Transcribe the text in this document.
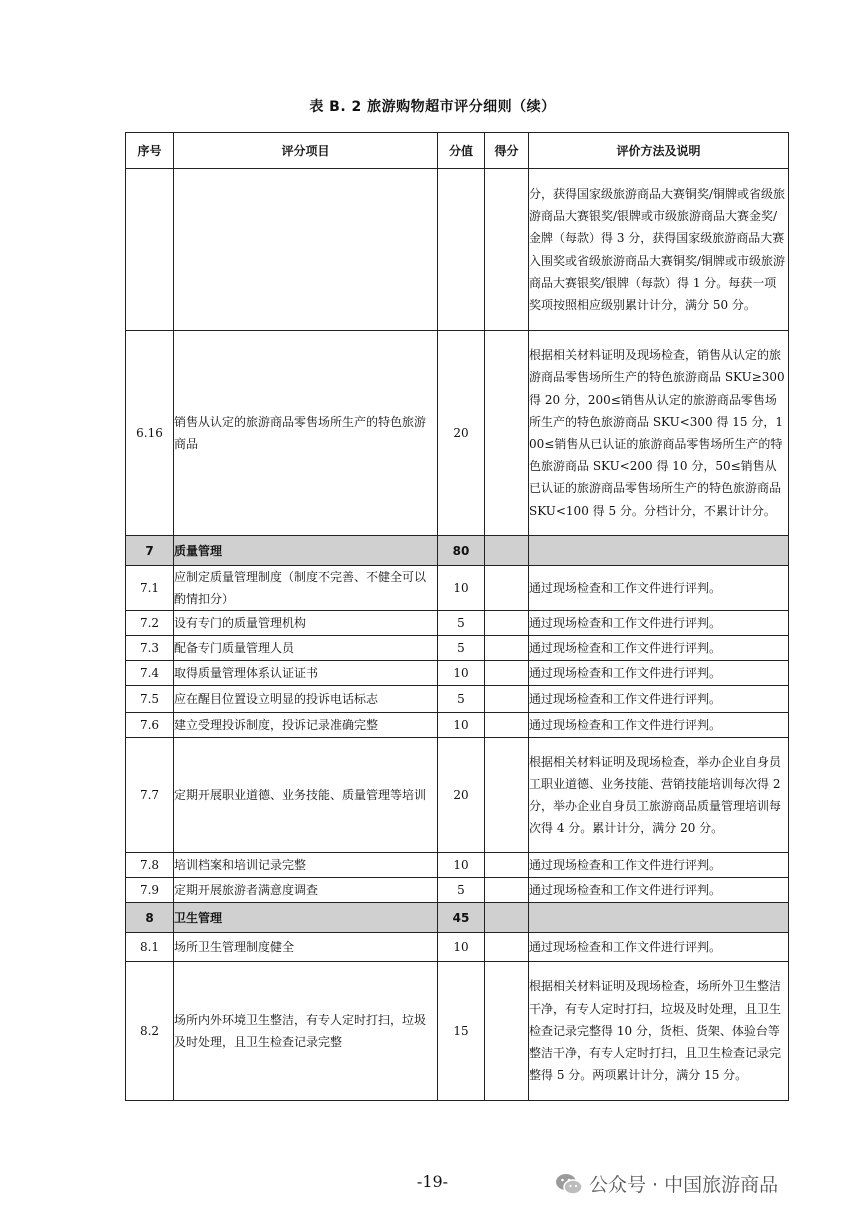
表 B. 2 旅游购物超市评分细则（续）
序号	评分项目	分值	得分	评价方法及说明
				分，获得国家级旅游商品大赛铜奖/铜牌或省级旅游商品大赛银奖/银牌或市级旅游商品大赛金奖/金牌（每款）得 3 分，获得国家级旅游商品大赛入围奖或省级旅游商品大赛铜奖/铜牌或市级旅游商品大赛银奖/银牌（每款）得 1 分。每获一项奖项按照相应级别累计计分，满分 50 分。
6.16	销售从认定的旅游商品零售场所生产的特色旅游商品	20		根据相关材料证明及现场检查，销售从认定的旅游商品零售场所生产的特色旅游商品 SKU≥300 得 20 分，200≤销售从认定的旅游商品零售场所生产的特色旅游商品 SKU<300 得 15 分，100≤销售从已认证的旅游商品零售场所生产的特色旅游商品 SKU<200 得 10 分，50≤销售从已认证的旅游商品零售场所生产的特色旅游商品 SKU<100 得 5 分。分档计分，不累计计分。
7	质量管理	80		
7.1	应制定质量管理制度（制度不完善、不健全可以酌情扣分）	10		通过现场检查和工作文件进行评判。
7.2	设有专门的质量管理机构	5		通过现场检查和工作文件进行评判。
7.3	配备专门质量管理人员	5		通过现场检查和工作文件进行评判。
7.4	取得质量管理体系认证证书	10		通过现场检查和工作文件进行评判。
7.5	应在醒目位置设立明显的投诉电话标志	5		通过现场检查和工作文件进行评判。
7.6	建立受理投诉制度，投诉记录准确完整	10		通过现场检查和工作文件进行评判。
7.7	定期开展职业道德、业务技能、质量管理等培训	20		根据相关材料证明及现场检查，举办企业自身员工职业道德、业务技能、营销技能培训每次得 2 分，举办企业自身员工旅游商品质量管理培训每次得 4 分。累计计分，满分 20 分。
7.8	培训档案和培训记录完整	10		通过现场检查和工作文件进行评判。
7.9	定期开展旅游者满意度调查	5		通过现场检查和工作文件进行评判。
8	卫生管理	45		
8.1	场所卫生管理制度健全	10		通过现场检查和工作文件进行评判。
8.2	场所内外环境卫生整洁，有专人定时打扫，垃圾及时处理，且卫生检查记录完整	15		根据相关材料证明及现场检查，场所外卫生整洁干净，有专人定时打扫，垃圾及时处理，且卫生检查记录完整得 10 分，货柜、货架、体验台等整洁干净，有专人定时打扫，且卫生检查记录完整得 5 分。两项累计计分，满分 15 分。
-19-	公众号 · 中国旅游商品
